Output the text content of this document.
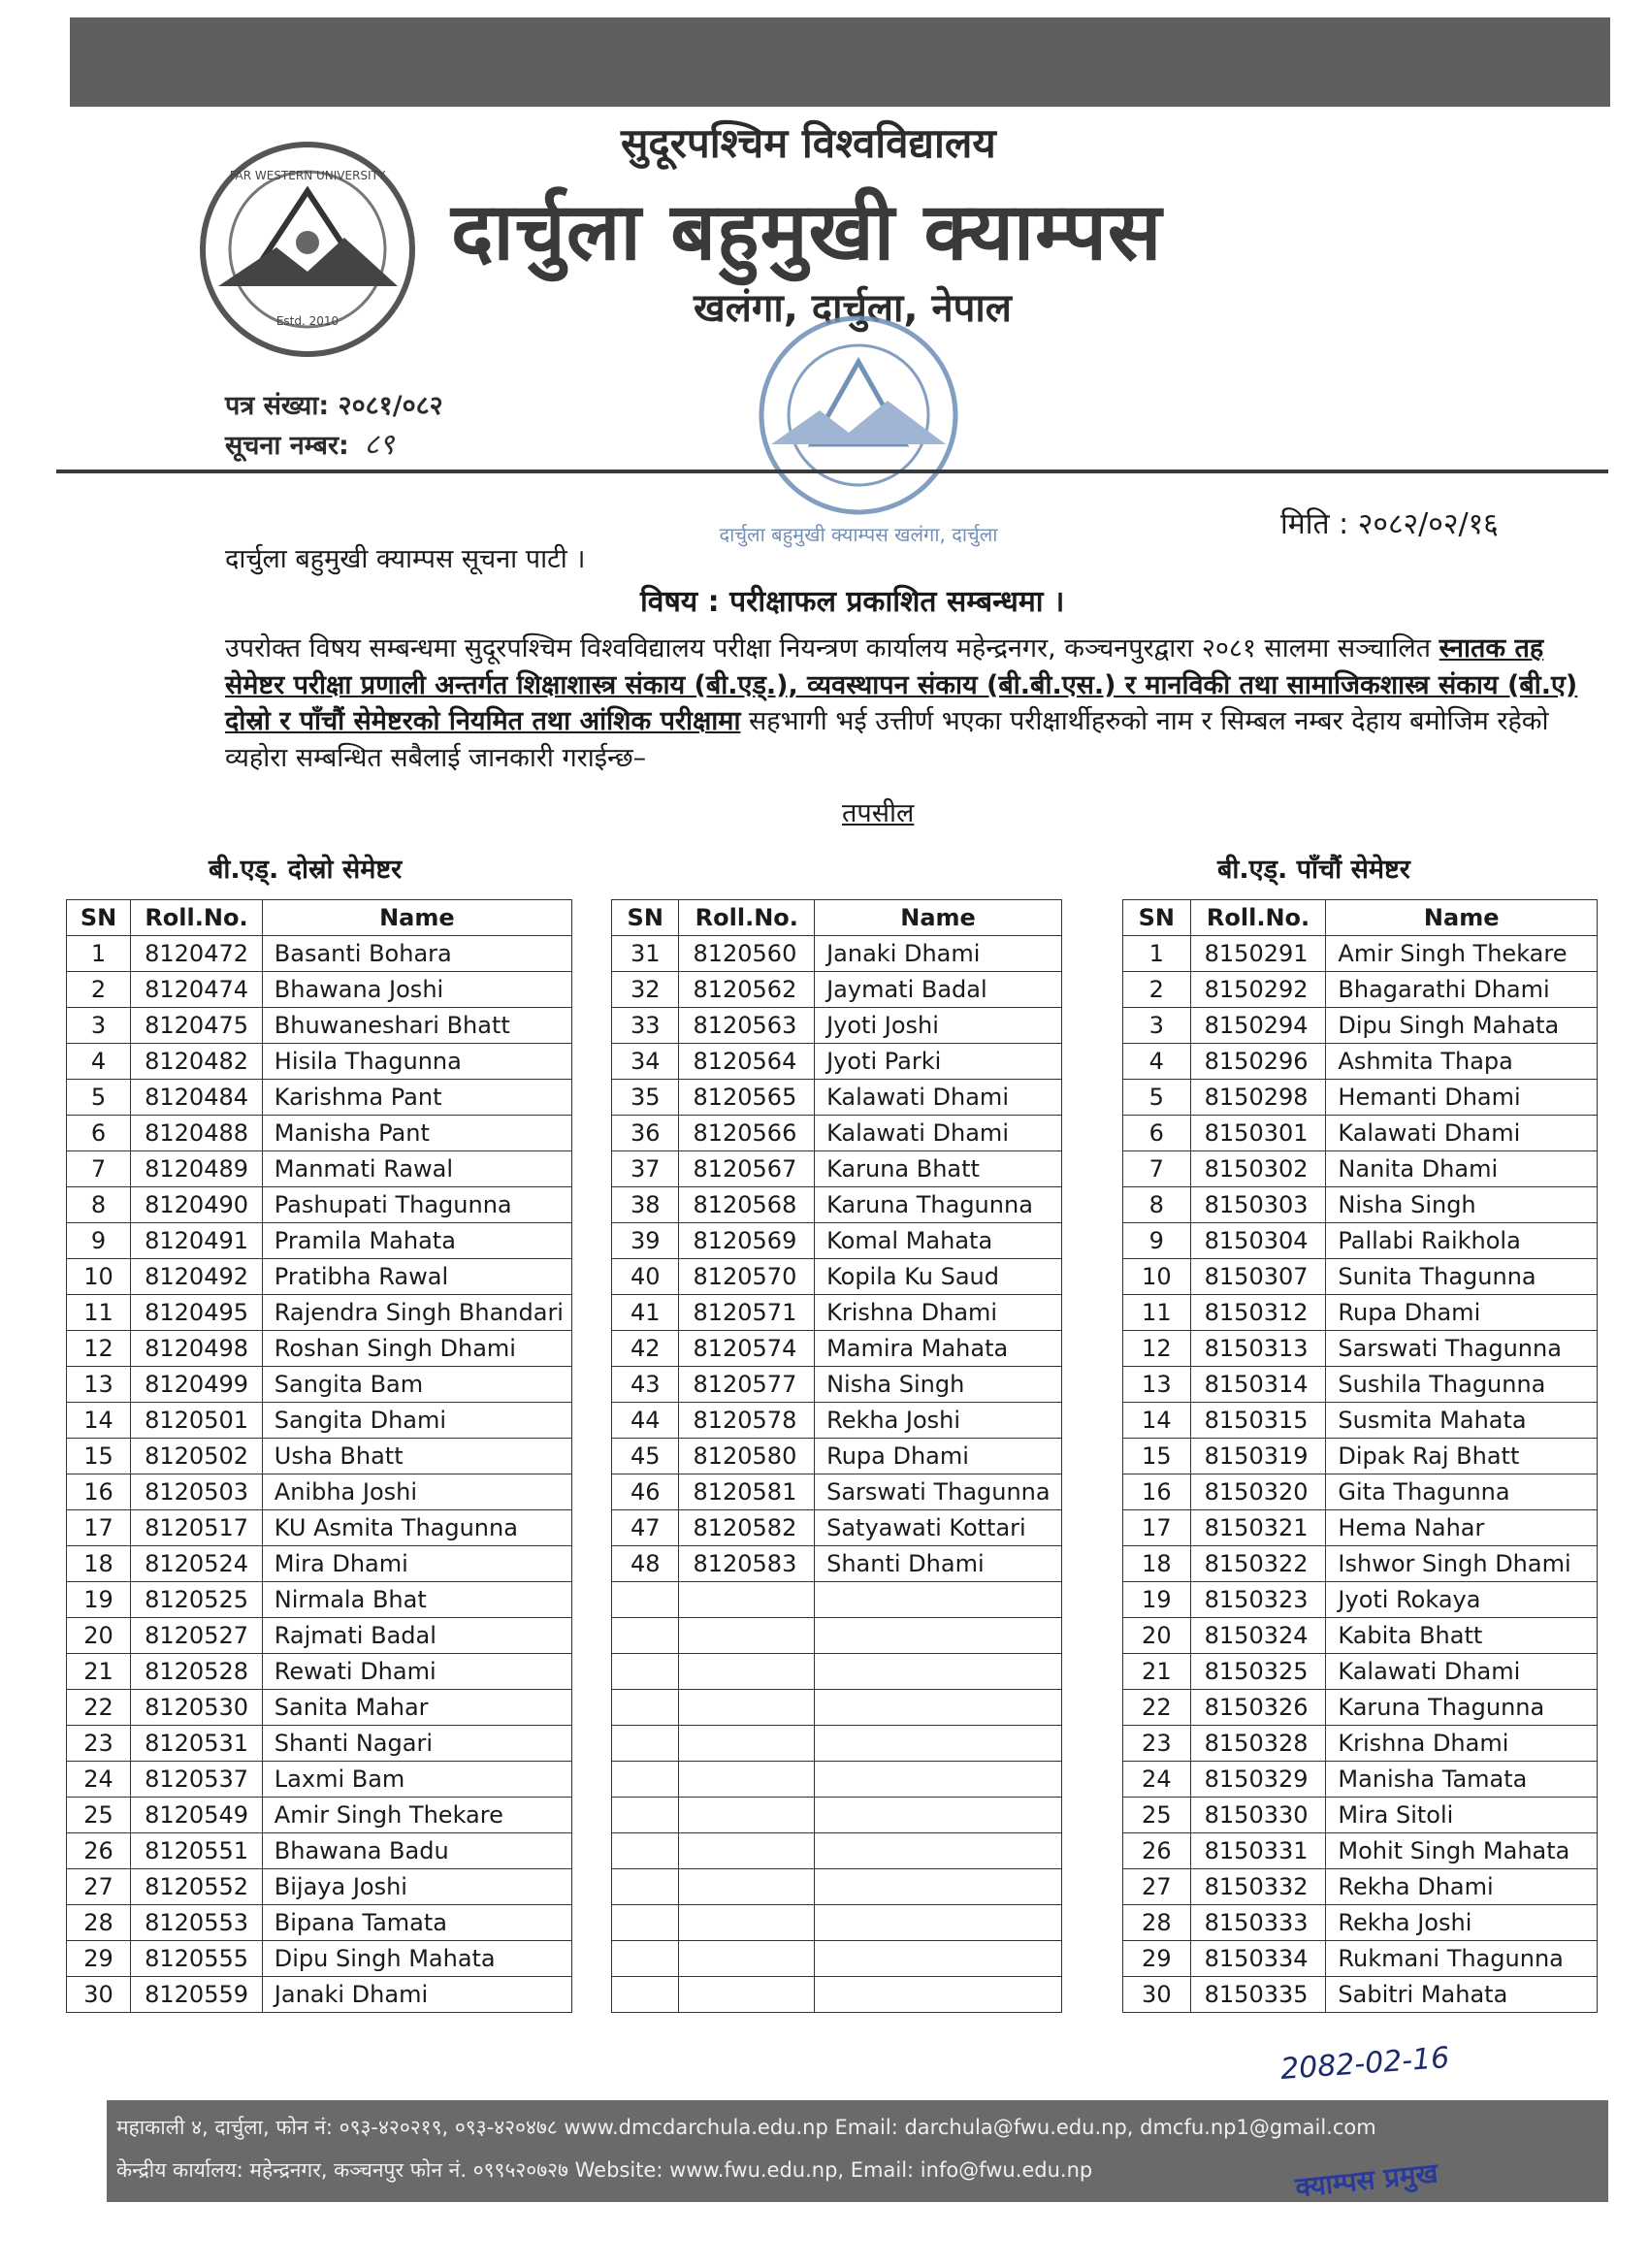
FAR WESTERN UNIVERSITY
Estd. 2010
सुदूरपश्चिम विश्वविद्यालय
दार्चुला बहुमुखी क्याम्पस
खलंगा, दार्चुला, नेपाल
दार्चुला बहुमुखी क्याम्पस खलंगा, दार्चुला
पत्र संख्या: २०८१/०८२
सूचना नम्बर: ८९
मिति : २०८२/०२/१६
दार्चुला बहुमुखी क्याम्पस सूचना पाटी ।
विषय : परीक्षाफल प्रकाशित सम्बन्धमा ।
उपरोक्त विषय सम्बन्धमा सुदूरपश्चिम विश्वविद्यालय परीक्षा नियन्त्रण कार्यालय महेन्द्रनगर, कञ्चनपुरद्वारा २०८१ सालमा सञ्चालित स्नातक तह सेमेष्टर परीक्षा प्रणाली अन्तर्गत शिक्षाशास्त्र संकाय (बी.एड्.), व्यवस्थापन संकाय (बी.बी.एस.) र मानविकी तथा सामाजिकशास्त्र संकाय (बी.ए) दोस्रो र पाँचौं सेमेष्टरको नियमित तथा आंशिक परीक्षामा सहभागी भई उत्तीर्ण भएका परीक्षार्थीहरुको नाम र सिम्बल नम्बर देहाय बमोजिम रहेको व्यहोरा सम्बन्धित सबैलाई जानकारी गराईन्छ–
तपसील
बी.एड्. दोस्रो सेमेष्टर	बी.एड्. पाँचौं सेमेष्टर
SN	Roll.No.	Name
1	8120472	Basanti Bohara
2	8120474	Bhawana Joshi
3	8120475	Bhuwaneshari Bhatt
4	8120482	Hisila Thagunna
5	8120484	Karishma Pant
6	8120488	Manisha Pant
7	8120489	Manmati Rawal
8	8120490	Pashupati Thagunna
9	8120491	Pramila Mahata
10	8120492	Pratibha Rawal
11	8120495	Rajendra Singh Bhandari
12	8120498	Roshan Singh Dhami
13	8120499	Sangita Bam
14	8120501	Sangita Dhami
15	8120502	Usha Bhatt
16	8120503	Anibha Joshi
17	8120517	KU Asmita Thagunna
18	8120524	Mira Dhami
19	8120525	Nirmala Bhat
20	8120527	Rajmati Badal
21	8120528	Rewati Dhami
22	8120530	Sanita Mahar
23	8120531	Shanti Nagari
24	8120537	Laxmi Bam
25	8120549	Amir Singh Thekare
26	8120551	Bhawana Badu
27	8120552	Bijaya Joshi
28	8120553	Bipana Tamata
29	8120555	Dipu Singh Mahata
30	8120559	Janaki Dhami
SN	Roll.No.	Name
31	8120560	Janaki Dhami
32	8120562	Jaymati Badal
33	8120563	Jyoti Joshi
34	8120564	Jyoti Parki
35	8120565	Kalawati Dhami
36	8120566	Kalawati Dhami
37	8120567	Karuna Bhatt
38	8120568	Karuna Thagunna
39	8120569	Komal Mahata
40	8120570	Kopila Ku Saud
41	8120571	Krishna Dhami
42	8120574	Mamira Mahata
43	8120577	Nisha Singh
44	8120578	Rekha Joshi
45	8120580	Rupa Dhami
46	8120581	Sarswati Thagunna
47	8120582	Satyawati Kottari
48	8120583	Shanti Dhami

SN	Roll.No.	Name
1	8150291	Amir Singh Thekare
2	8150292	Bhagarathi Dhami
3	8150294	Dipu Singh Mahata
4	8150296	Ashmita Thapa
5	8150298	Hemanti Dhami
6	8150301	Kalawati Dhami
7	8150302	Nanita Dhami
8	8150303	Nisha Singh
9	8150304	Pallabi Raikhola
10	8150307	Sunita Thagunna
11	8150312	Rupa Dhami
12	8150313	Sarswati Thagunna
13	8150314	Sushila Thagunna
14	8150315	Susmita Mahata
15	8150319	Dipak Raj Bhatt
16	8150320	Gita Thagunna
17	8150321	Hema Nahar
18	8150322	Ishwor Singh Dhami
19	8150323	Jyoti Rokaya
20	8150324	Kabita Bhatt
21	8150325	Kalawati Dhami
22	8150326	Karuna Thagunna
23	8150328	Krishna Dhami
24	8150329	Manisha Tamata
25	8150330	Mira Sitoli
26	8150331	Mohit Singh Mahata
27	8150332	Rekha Dhami
28	8150333	Rekha Joshi
29	8150334	Rukmani Thagunna
30	8150335	Sabitri Mahata
2082-02-16
महाकाली ४, दार्चुला, फोन नं: ०९३-४२०२१९, ०९३-४२०४७८ www.dmcdarchula.edu.np Email: darchula@fwu.edu.np, dmcfu.np1@gmail.com
केन्द्रीय कार्यालय: महेन्द्रनगर, कञ्चनपुर फोन नं. ०९९५२०७२७ Website: www.fwu.edu.np, Email: info@fwu.edu.np	क्याम्पस प्रमुख
